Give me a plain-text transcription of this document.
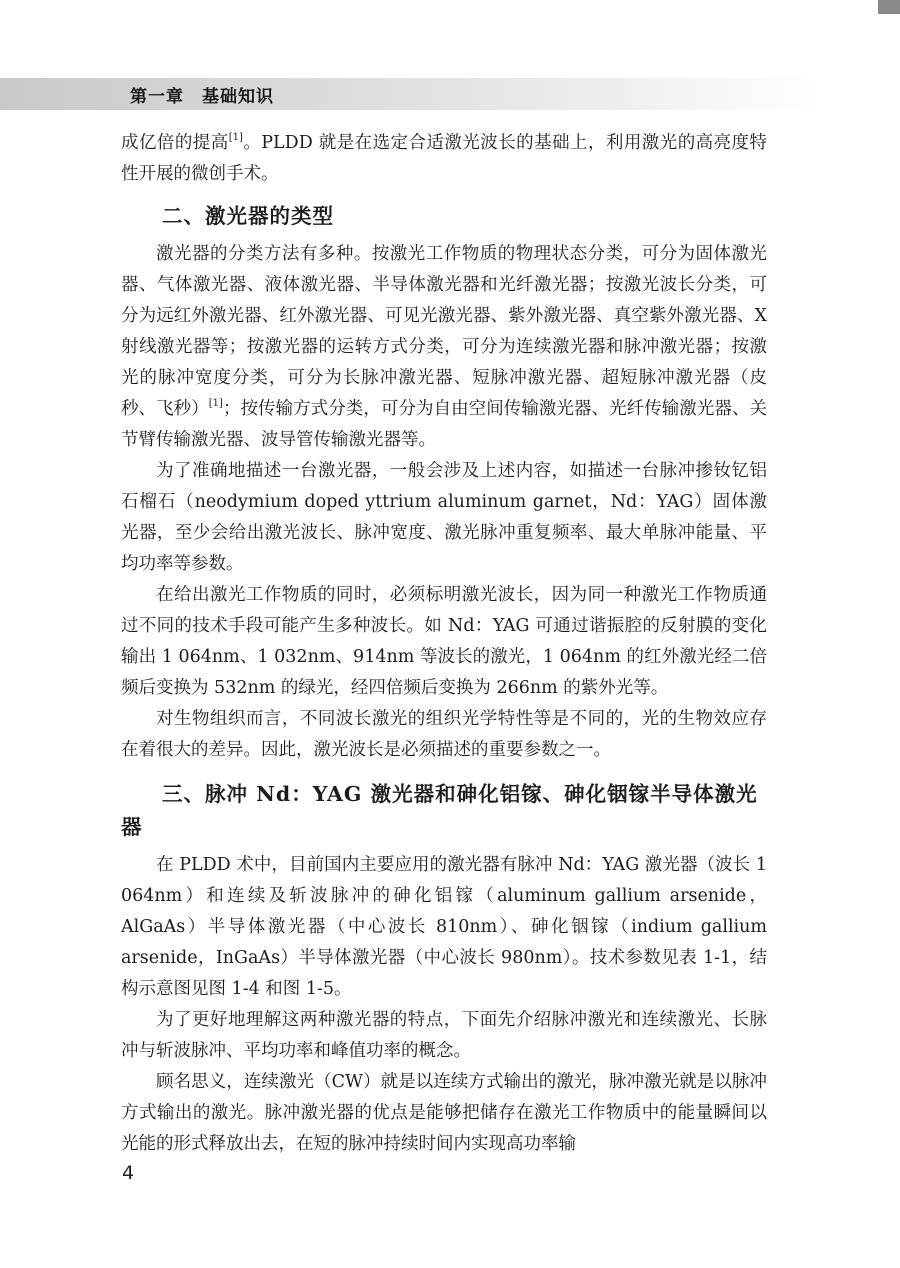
第一章　基础知识

成亿倍的提高[1]。PLDD 就是在选定合适激光波长的基础上，利用激光的高亮度特性开展的微创手术。

二、激光器的类型

激光器的分类方法有多种。按激光工作物质的物理状态分类，可分为固体激光器、气体激光器、液体激光器、半导体激光器和光纤激光器；按激光波长分类，可分为远红外激光器、红外激光器、可见光激光器、紫外激光器、真空紫外激光器、X 射线激光器等；按激光器的运转方式分类，可分为连续激光器和脉冲激光器；按激光的脉冲宽度分类，可分为长脉冲激光器、短脉冲激光器、超短脉冲激光器（皮秒、飞秒）[1]；按传输方式分类，可分为自由空间传输激光器、光纤传输激光器、关节臂传输激光器、波导管传输激光器等。

为了准确地描述一台激光器，一般会涉及上述内容，如描述一台脉冲掺钕钇铝石榴石（neodymium doped yttrium aluminum garnet，Nd：YAG）固体激光器，至少会给出激光波长、脉冲宽度、激光脉冲重复频率、最大单脉冲能量、平均功率等参数。

在给出激光工作物质的同时，必须标明激光波长，因为同一种激光工作物质通过不同的技术手段可能产生多种波长。如 Nd：YAG 可通过谐振腔的反射膜的变化输出 1 064nm、1 032nm、914nm 等波长的激光，1 064nm 的红外激光经二倍频后变换为 532nm 的绿光，经四倍频后变换为 266nm 的紫外光等。

对生物组织而言，不同波长激光的组织光学特性等是不同的，光的生物效应存在着很大的差异。因此，激光波长是必须描述的重要参数之一。

三、脉冲 Nd：YAG 激光器和砷化铝镓、砷化铟镓半导体激光器

在 PLDD 术中，目前国内主要应用的激光器有脉冲 Nd：YAG 激光器（波长 1 064nm）和连续及斩波脉冲的砷化铝镓（aluminum gallium arsenide，AlGaAs）半导体激光器（中心波长 810nm）、砷化铟镓（indium gallium arsenide，InGaAs）半导体激光器（中心波长 980nm）。技术参数见表 1-1，结构示意图见图 1-4 和图 1-5。

为了更好地理解这两种激光器的特点，下面先介绍脉冲激光和连续激光、长脉冲与斩波脉冲、平均功率和峰值功率的概念。

顾名思义，连续激光（CW）就是以连续方式输出的激光，脉冲激光就是以脉冲方式输出的激光。脉冲激光器的优点是能够把储存在激光工作物质中的能量瞬间以光能的形式释放出去，在短的脉冲持续时间内实现高功率输

4
